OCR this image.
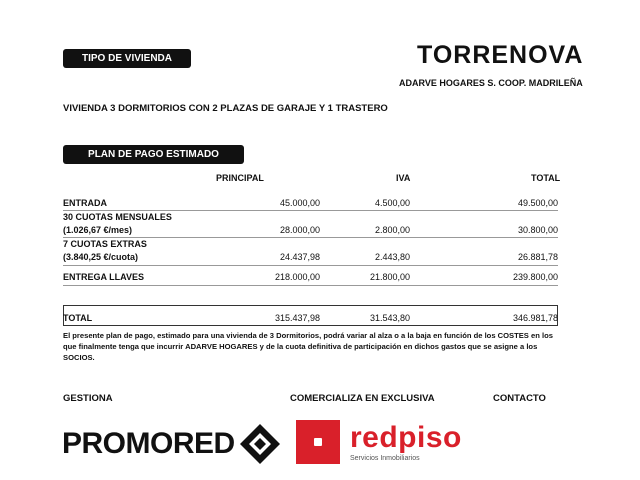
TIPO DE VIVIENDA	TORRENOVA
ADARVE HOGARES S. COOP. MADRILEÑA
VIVIENDA 3 DORMITORIOS CON 2 PLAZAS DE GARAJE Y 1 TRASTERO
PLAN DE PAGO ESTIMADO
PRINCIPAL	IVA	TOTAL
ENTRADA	45.000,00	4.500,00	49.500,00
30 CUOTAS MENSUALES
(1.026,67 €/mes)	28.000,00	2.800,00	30.800,00
7 CUOTAS EXTRAS
(3.840,25 €/cuota)	24.437,98	2.443,80	26.881,78
ENTREGA LLAVES	218.000,00	21.800,00	239.800,00
TOTAL	315.437,98	31.543,80	346.981,78
El presente plan de pago, estimado para una vivienda de 3 Dormitorios, podrá variar al alza o a la baja en función de los COSTES en los que finalmente tenga que incurrir ADARVE HOGARES y de la cuota definitiva de participación en dichos gastos que se asigne a los SOCIOS.
GESTIONA	COMERCIALIZA EN EXCLUSIVA	CONTACTO
PROMORED	redpiso
Servicios Inmobiliarios
